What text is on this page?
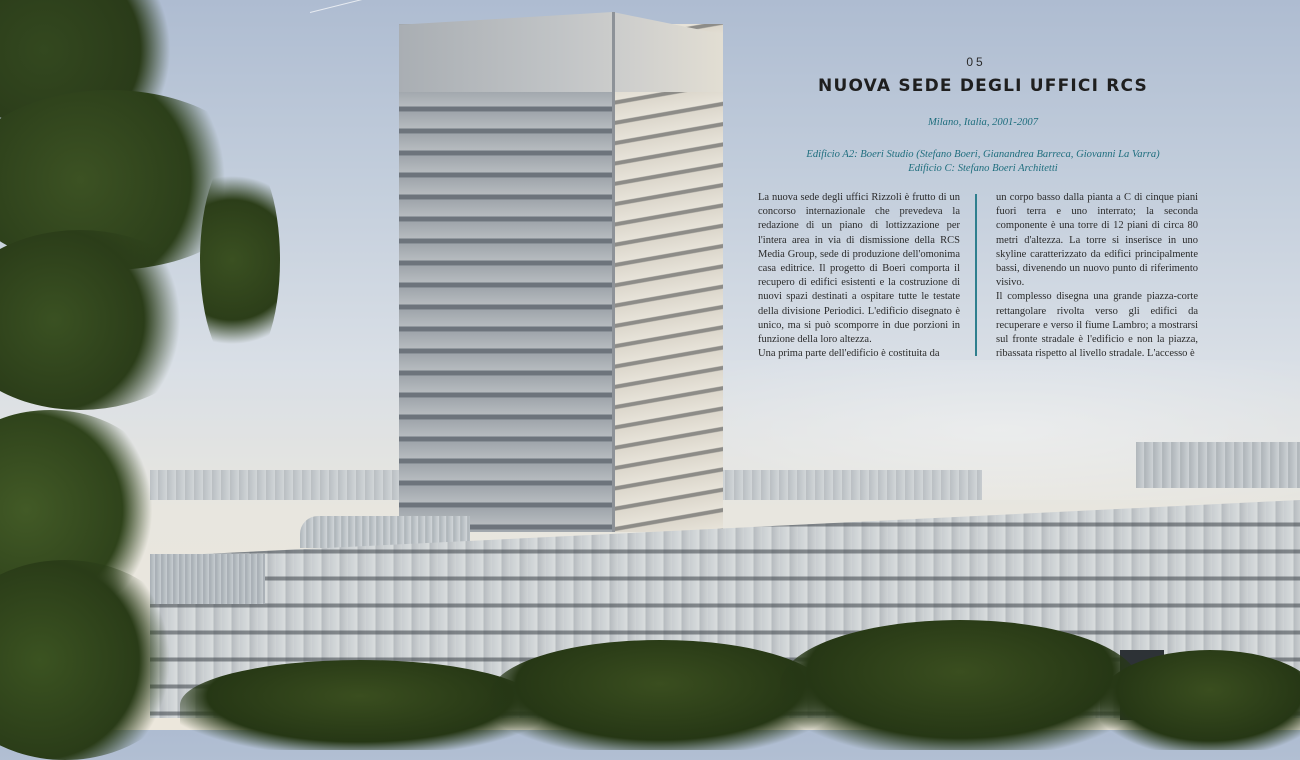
05
NUOVA SEDE DEGLI UFFICI RCS
Milano, Italia, 2001-2007
Edificio A2: Boeri Studio (Stefano Boeri, Gianandrea Barreca, Giovanni La Varra)
Edificio C: Stefano Boeri Architetti

La nuova sede degli uffici Rizzoli è frutto di un concorso internazionale che prevedeva la redazione di un piano di lottizzazione per l'intera area in via di dismissione della RCS Media Group, sede di produzione dell'omonima casa editrice. Il progetto di Boeri comporta il recupero di edifici esistenti e la costruzione di nuovi spazi destinati a ospitare tutte le testate della divisione Periodici. L'edificio disegnato è unico, ma si può scomporre in due porzioni in funzione della loro altezza.

Una prima parte dell'edificio è costituita da

un corpo basso dalla pianta a C di cinque piani fuori terra e uno interrato; la seconda componente è una torre di 12 piani di circa 80 metri d'altezza. La torre si inserisce in uno skyline caratterizzato da edifici principalmente bassi, divenendo un nuovo punto di riferimento visivo.

Il complesso disegna una grande piazza-corte rettangolare rivolta verso gli edifici da recuperare e verso il fiume Lambro; a mostrarsi sul fronte stradale è l'edificio e non la piazza, ribassata rispetto al livello stradale. L'accesso è
